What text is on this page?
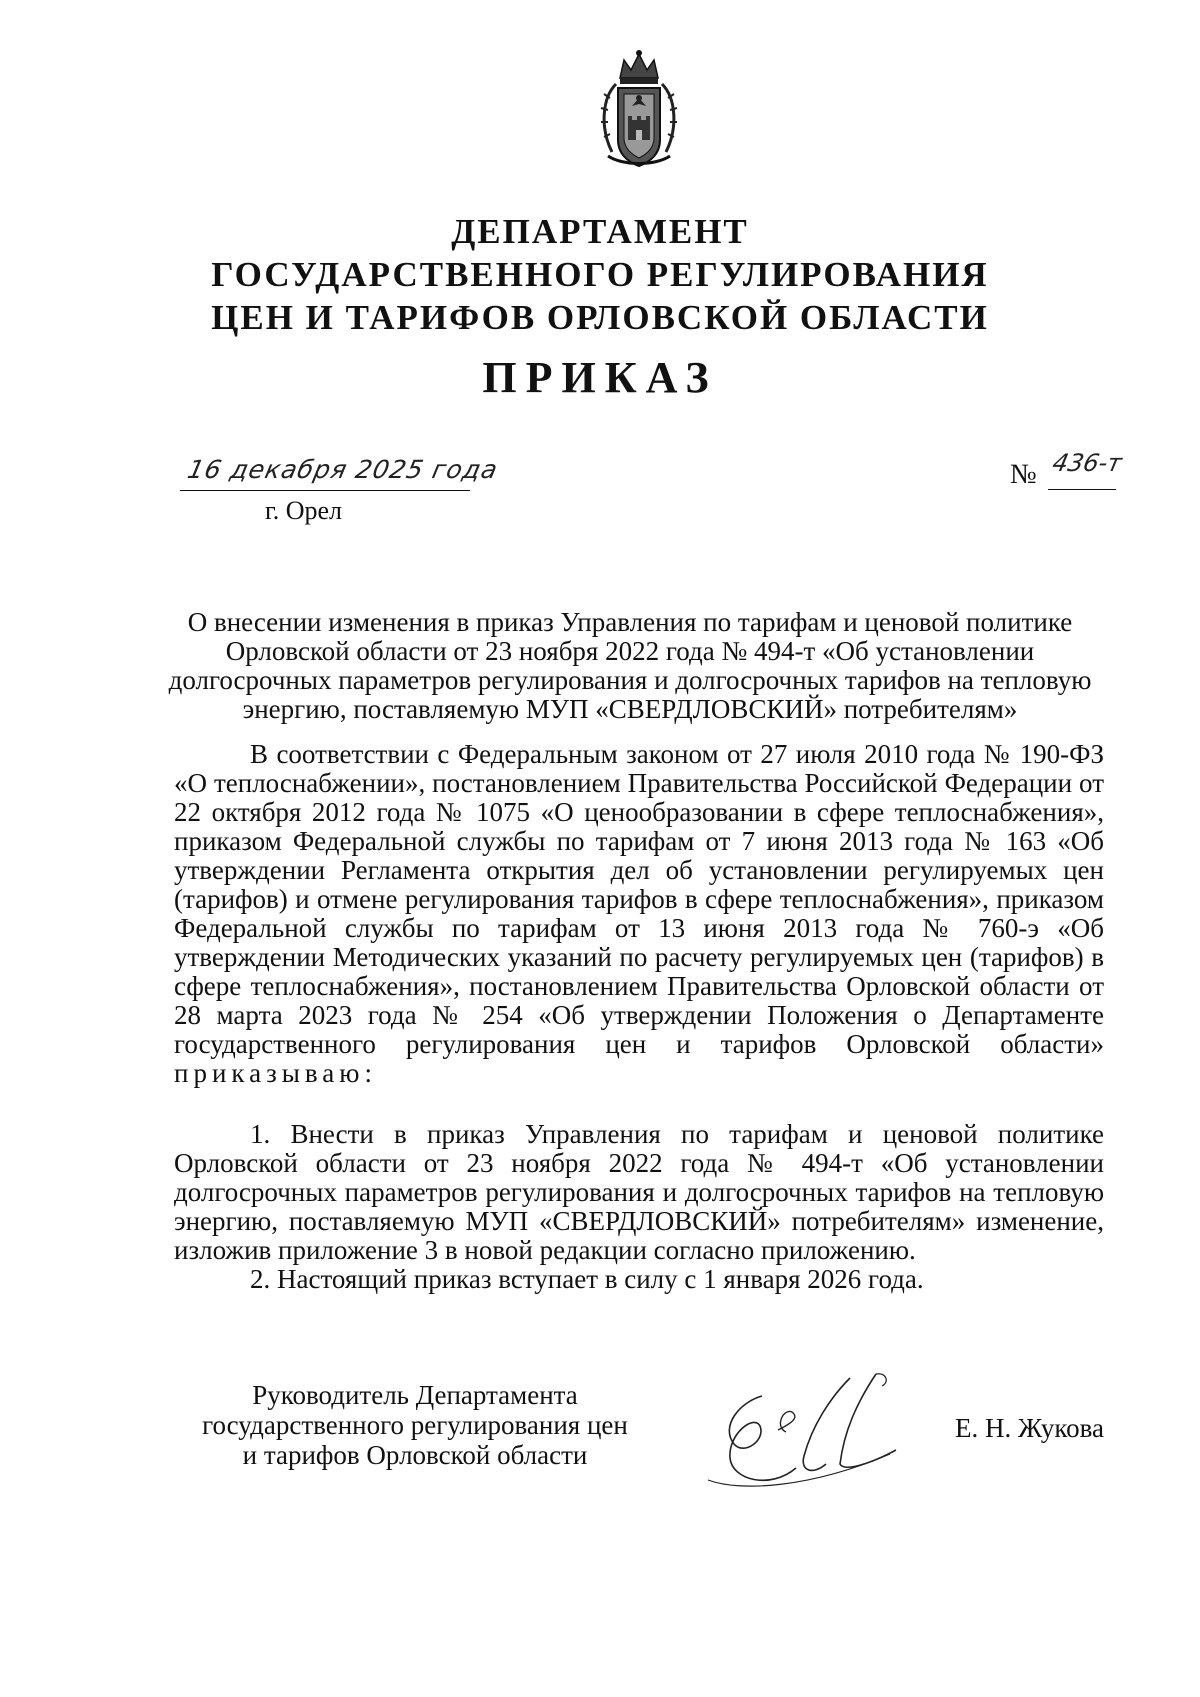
ДЕПАРТАМЕНТ
ГОСУДАРСТВЕННОГО РЕГУЛИРОВАНИЯ
ЦЕН И ТАРИФОВ ОРЛОВСКОЙ ОБЛАСТИ
ПРИКАЗ
16 декабря 2025 года
г. Орел
№ 436-т
О внесении изменения в приказ Управления по тарифам и ценовой политике Орловской области от 23 ноября 2022 года № 494-т «Об установлении долгосрочных параметров регулирования и долгосрочных тарифов на тепловую энергию, поставляемую МУП «СВЕРДЛОВСКИЙ» потребителям»

В соответствии с Федеральным законом от 27 июля 2010 года № 190-ФЗ «О теплоснабжении», постановлением Правительства Российской Федерации от 22 октября 2012 года № 1075 «О ценообразовании в сфере теплоснабжения», приказом Федеральной службы по тарифам от 7 июня 2013 года № 163 «Об утверждении Регламента открытия дел об установлении регулируемых цен (тарифов) и отмене регулирования тарифов в сфере теплоснабжения», приказом Федеральной службы по тарифам от 13 июня 2013 года № 760-э «Об утверждении Методических указаний по расчету регулируемых цен (тарифов) в сфере теплоснабжения», постановлением Правительства Орловской области от 28 марта 2023 года № 254 «Об утверждении Положения о Департаменте государственного регулирования цен и тарифов Орловской области» приказываю:

1. Внести в приказ Управления по тарифам и ценовой политике Орловской области от 23 ноября 2022 года № 494-т «Об установлении долгосрочных параметров регулирования и долгосрочных тарифов на тепловую энергию, поставляемую МУП «СВЕРДЛОВСКИЙ» потребителям» изменение, изложив приложение 3 в новой редакции согласно приложению.

2. Настоящий приказ вступает в силу с 1 января 2026 года.

Руководитель Департамента
государственного регулирования цен
и тарифов Орловской области
Е. Н. Жукова
